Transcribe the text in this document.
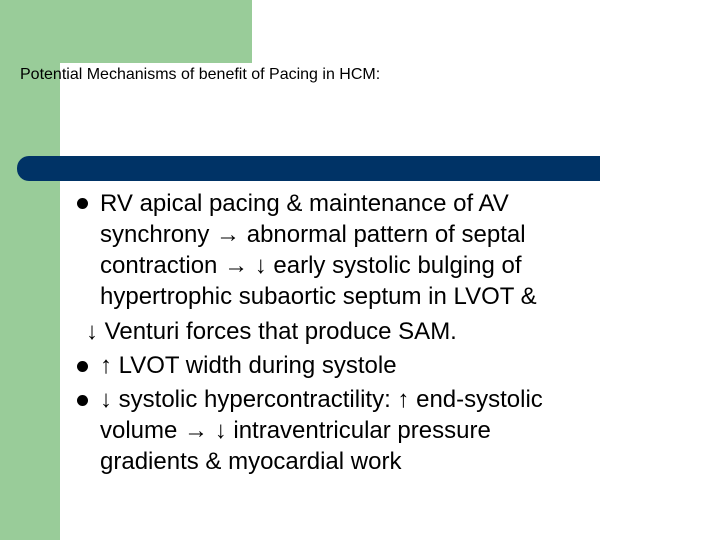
Potential Mechanisms of benefit of Pacing in HCM:
RV apical pacing & maintenance of AV
synchrony → abnormal pattern of septal
contraction → ↓ early systolic bulging of
hypertrophic subaortic septum in LVOT &
↓ Venturi forces that produce SAM.
↑ LVOT width during systole
↓ systolic hypercontractility: ↑ end-systolic
volume → ↓ intraventricular pressure
gradients & myocardial work
